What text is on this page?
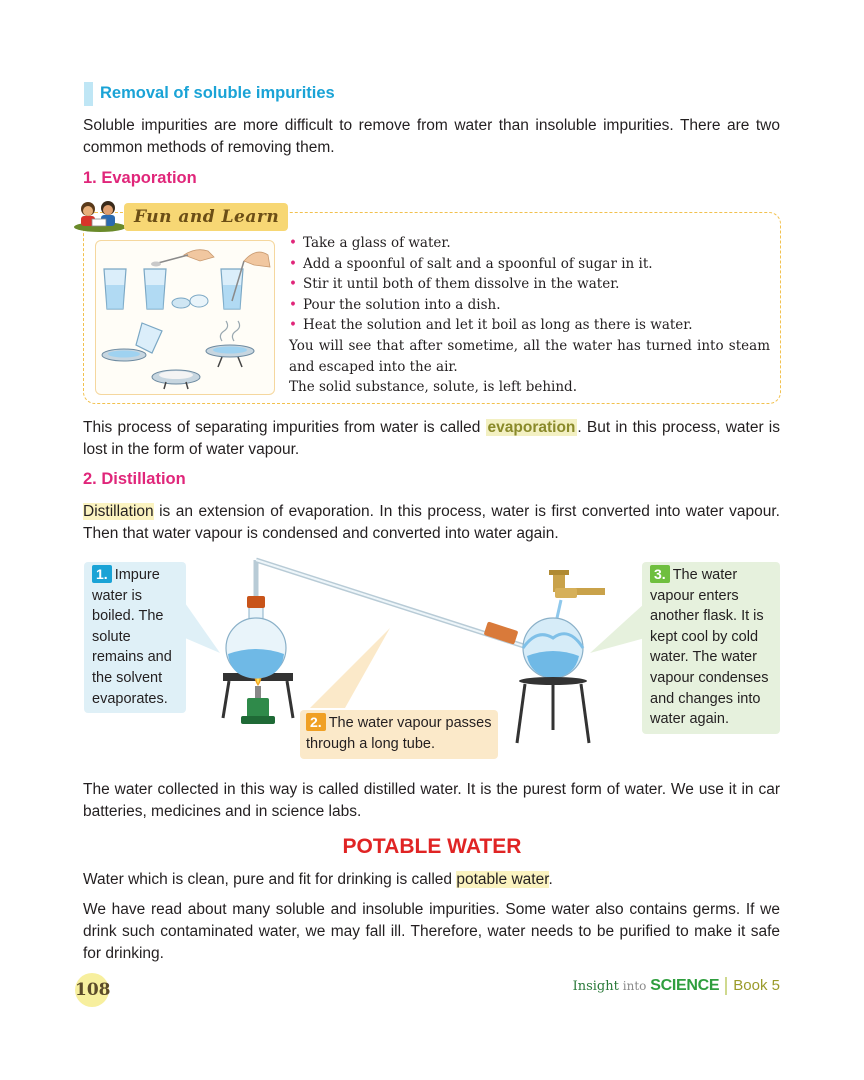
Removal of soluble impurities

Soluble impurities are more difficult to remove from water than insoluble impurities. There are two common methods of removing them.

1. Evaporation
Fun and Learn
• Take a glass of water.
• Add a spoonful of salt and a spoonful of sugar in it.
• Stir it until both of them dissolve in the water.
• Pour the solution into a dish.
• Heat the solution and let it boil as long as there is water.
You will see that after sometime, all the water has turned into steam and escaped into the air.
The solid substance, solute, is left behind.

This process of separating impurities from water is called evaporation . But in this process, water is lost in the form of water vapour.

2. Distillation

Distillation is an extension of evaporation. In this process, water is first converted into water vapour. Then that water vapour is condensed and converted into water again.

1. Impure water is boiled. The solute remains and the solvent evaporates.
2. The water vapour passes through a long tube.
3. The water vapour enters another flask. It is kept cool by cold water. The water vapour condenses and changes into water again.

The water collected in this way is called distilled water. It is the purest form of water. We use it in car batteries, medicines and in science labs.

POTABLE WATER

Water which is clean, pure and fit for drinking is called potable water.

We have read about many soluble and insoluble impurities. Some water also contains germs. If we drink such contaminated water, we may fall ill. Therefore, water needs to be purified to make it safe for drinking.

108	Insight into SCIENCE Book 5
